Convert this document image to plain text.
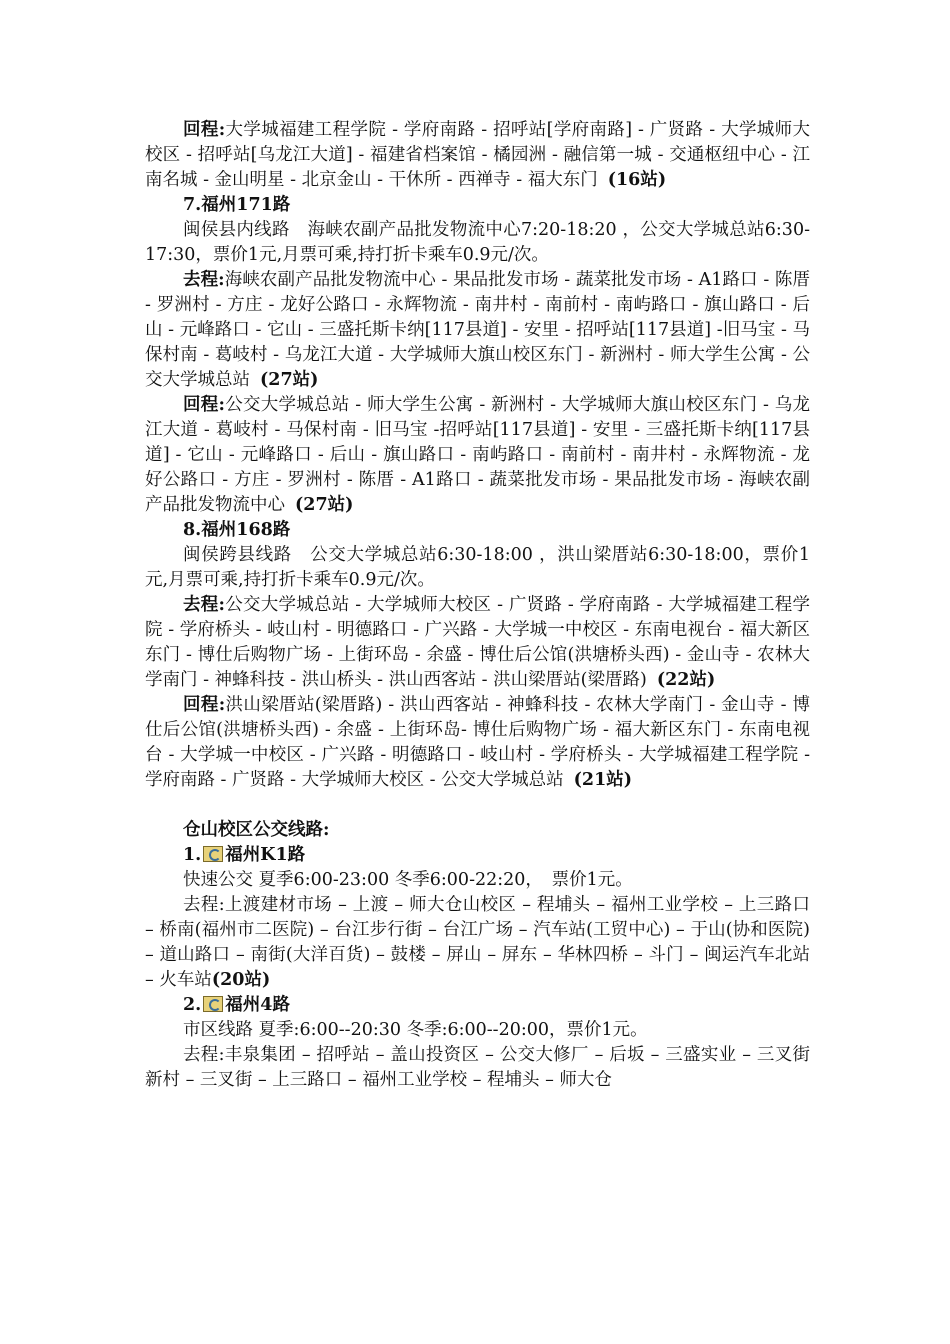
回程:大学城福建工程学院 - 学府南路 - 招呼站[学府南路] - 广贤路 - 大学城师大校区 - 招呼站[乌龙江大道] - 福建省档案馆 - 橘园洲 - 融信第一城 - 交通枢纽中心 - 江南名城 - 金山明星 - 北京金山 - 干休所 - 西禅寺 - 福大东门 (16站)

7.福州171路

闽侯县内线路　海峡农副产品批发物流中心7:20-18:20 ，公交大学城总站6:30-17:30，票价1元,月票可乘,持打折卡乘车0.9元/次。

去程:海峡农副产品批发物流中心 - 果品批发市场 - 蔬菜批发市场 - A1路口 - 陈厝 - 罗洲村 - 方庄 - 龙好公路口 - 永辉物流 - 南井村 - 南前村 - 南屿路口 - 旗山路口 - 后山 - 元峰路口 - 它山 - 三盛托斯卡纳[117县道] - 安里 - 招呼站[117县道] -旧马宝 - 马保村南 - 葛岐村 - 乌龙江大道 - 大学城师大旗山校区东门 - 新洲村 - 师大学生公寓 - 公交大学城总站 (27站)

回程:公交大学城总站 - 师大学生公寓 - 新洲村 - 大学城师大旗山校区东门 - 乌龙江大道 - 葛岐村 - 马保村南 - 旧马宝 -招呼站[117县道] - 安里 - 三盛托斯卡纳[117县道] - 它山 - 元峰路口 - 后山 - 旗山路口 - 南屿路口 - 南前村 - 南井村 - 永辉物流 - 龙好公路口 - 方庄 - 罗洲村 - 陈厝 - A1路口 - 蔬菜批发市场 - 果品批发市场 - 海峡农副产品批发物流中心 (27站)

8.福州168路

闽侯跨县线路　公交大学城总站6:30-18:00 ，洪山梁厝站6:30-18:00，票价1元,月票可乘,持打折卡乘车0.9元/次。

去程:公交大学城总站 - 大学城师大校区 - 广贤路 - 学府南路 - 大学城福建工程学院 - 学府桥头 - 岐山村 - 明德路口 - 广兴路 - 大学城一中校区 - 东南电视台 - 福大新区东门 - 博仕后购物广场 - 上街环岛 - 余盛 - 博仕后公馆(洪塘桥头西) - 金山寺 - 农林大学南门 - 神蜂科技 - 洪山桥头 - 洪山西客站 - 洪山梁厝站(梁厝路) (22站)

回程:洪山梁厝站(梁厝路) - 洪山西客站 - 神蜂科技 - 农林大学南门 - 金山寺 - 博仕后公馆(洪塘桥头西) - 余盛 - 上街环岛- 博仕后购物广场 - 福大新区东门 - 东南电视台 - 大学城一中校区 - 广兴路 - 明德路口 - 岐山村 - 学府桥头 - 大学城福建工程学院 - 学府南路 - 广贤路 - 大学城师大校区 - 公交大学城总站 (21站)

仓山校区公交线路:

1. 福州K1路

快速公交 夏季6:00-23:00 冬季6:00-22:20，　票价1元。

去程:上渡建材市场 – 上渡 – 师大仓山校区 – 程埔头 – 福州工业学校 – 上三路口 – 桥南(福州市二医院) – 台江步行街 – 台江广场 – 汽车站(工贸中心) – 于山(协和医院) – 道山路口 – 南街(大洋百货) – 鼓楼 – 屏山 – 屏东 – 华林四桥 – 斗门 – 闽运汽车北站 – 火车站(20站)

2. 福州4路

市区线路 夏季:6:00--20:30 冬季:6:00--20:00，票价1元。

去程:丰泉集团 – 招呼站 – 盖山投资区 – 公交大修厂 – 后坂 – 三盛实业 – 三叉街新村 – 三叉街 – 上三路口 – 福州工业学校 – 程埔头 – 师大仓
